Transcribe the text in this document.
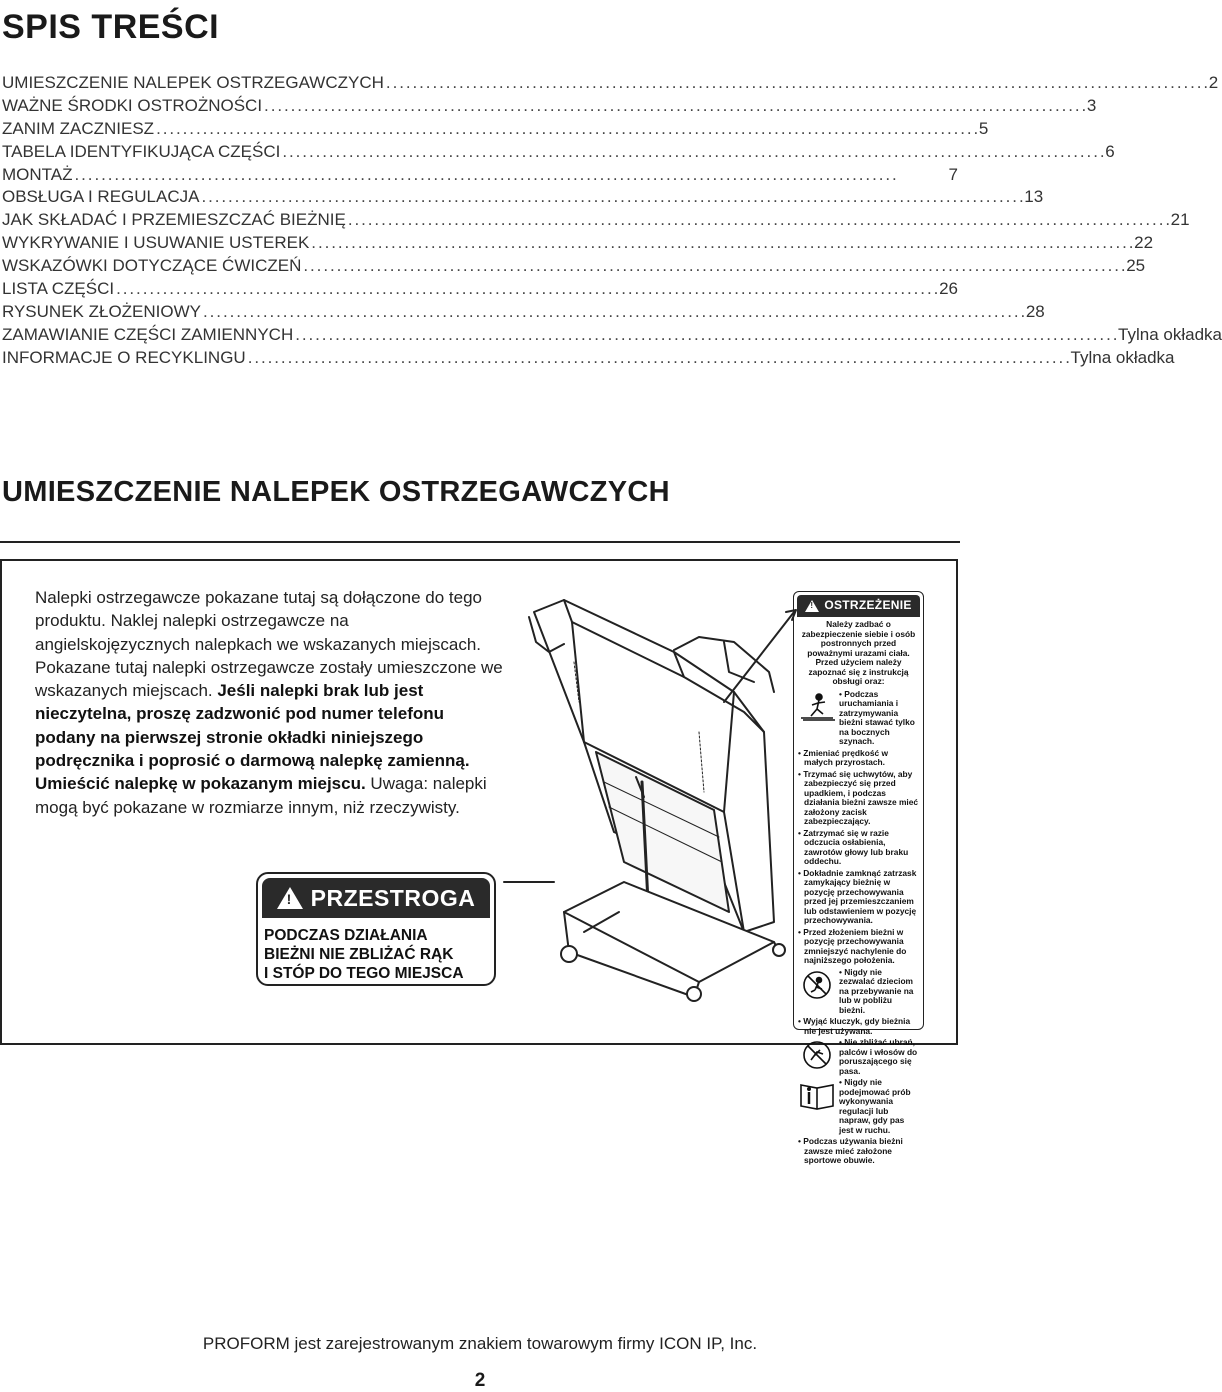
SPIS TREŚCI
UMIESZCZENIE NALEPEK OSTRZEGAWCZYCH . . .	2
WAŻNE ŚRODKI OSTROŻNOŚCI . . .	3
ZANIM ZACZNIESZ . . .	5
TABELA IDENTYFIKUJĄCA CZĘŚCI . . .	6
MONTAŻ . . .	7
OBSŁUGA I REGULACJA . . .	13
JAK SKŁADAĆ I PRZEMIESZCZAĆ BIEŻNIĘ . . .	21
WYKRYWANIE I USUWANIE USTEREK . . .	22
WSKAZÓWKI DOTYCZĄCE ĆWICZEŃ . . .	25
LISTA CZĘŚCI . . .	26
RYSUNEK ZŁOŻENIOWY . . .	28
ZAMAWIANIE CZĘŚCI ZAMIENNYCH . . .	Tylna okładka
INFORMACJE O RECYKLINGU . . .	Tylna okładka
UMIESZCZENIE NALEPEK OSTRZEGAWCZYCH

Nalepki ostrzegawcze pokazane tutaj są dołączone do tego produktu. Naklej nalepki ostrzegawcze na angielskojęzycznych nalepkach we wskazanych miejscach. Pokazane tutaj nalepki ostrzegawcze zostały umieszczone we wskazanych miejscach. Jeśli nalepki brak lub jest nieczytelna, proszę zadzwonić pod numer telefonu podany na pierwszej stronie okładki niniejszego podręcznika i poprosić o darmową nalepkę zamienną. Umieścić nalepkę w pokazanym miejscu. Uwaga: nalepki mogą być pokazane w rozmiarze innym, niż rzeczywisty.

! PRZESTROGA
PODCZAS DZIAŁANIA
BIEŻNI NIE ZBLIŻAĆ RĄK
I STÓP DO TEGO MIEJSCA
! OSTRZEŻENIE
Należy zadbać o zabezpieczenie siebie i osób postronnych przed poważnymi urazami ciała. Przed użyciem należy zapoznać się z instrukcją obsługi oraz:
• Podczas uruchamiania i zatrzymywania bieżni stawać tylko na bocznych szynach.
• Zmieniać prędkość w małych przyrostach.
• Trzymać się uchwytów, aby zabezpieczyć się przed upadkiem, i podczas działania bieżni zawsze mieć założony zacisk zabezpieczający.
• Zatrzymać się w razie odczucia osłabienia, zawrotów głowy lub braku oddechu.
• Dokładnie zamknąć zatrzask zamykający bieżnię w pozycję przechowywania przed jej przemieszczaniem lub odstawieniem w pozycję przechowywania.
• Przed złożeniem bieżni w pozycję przechowywania zmniejszyć nachylenie do najniższego położenia.
• Nigdy nie zezwalać dzieciom na przebywanie na lub w pobliżu bieżni.
• Wyjąć kluczyk, gdy bieżnia nie jest używana.
• Nie zbliżać ubrań, palców i włosów do poruszającego się pasa.
• Nigdy nie podejmować prób wykonywania regulacji lub napraw, gdy pas jest w ruchu.
• Podczas używania bieżni zawsze mieć założone sportowe obuwie.

PROFORM jest zarejestrowanym znakiem towarowym firmy ICON IP, Inc.

2
